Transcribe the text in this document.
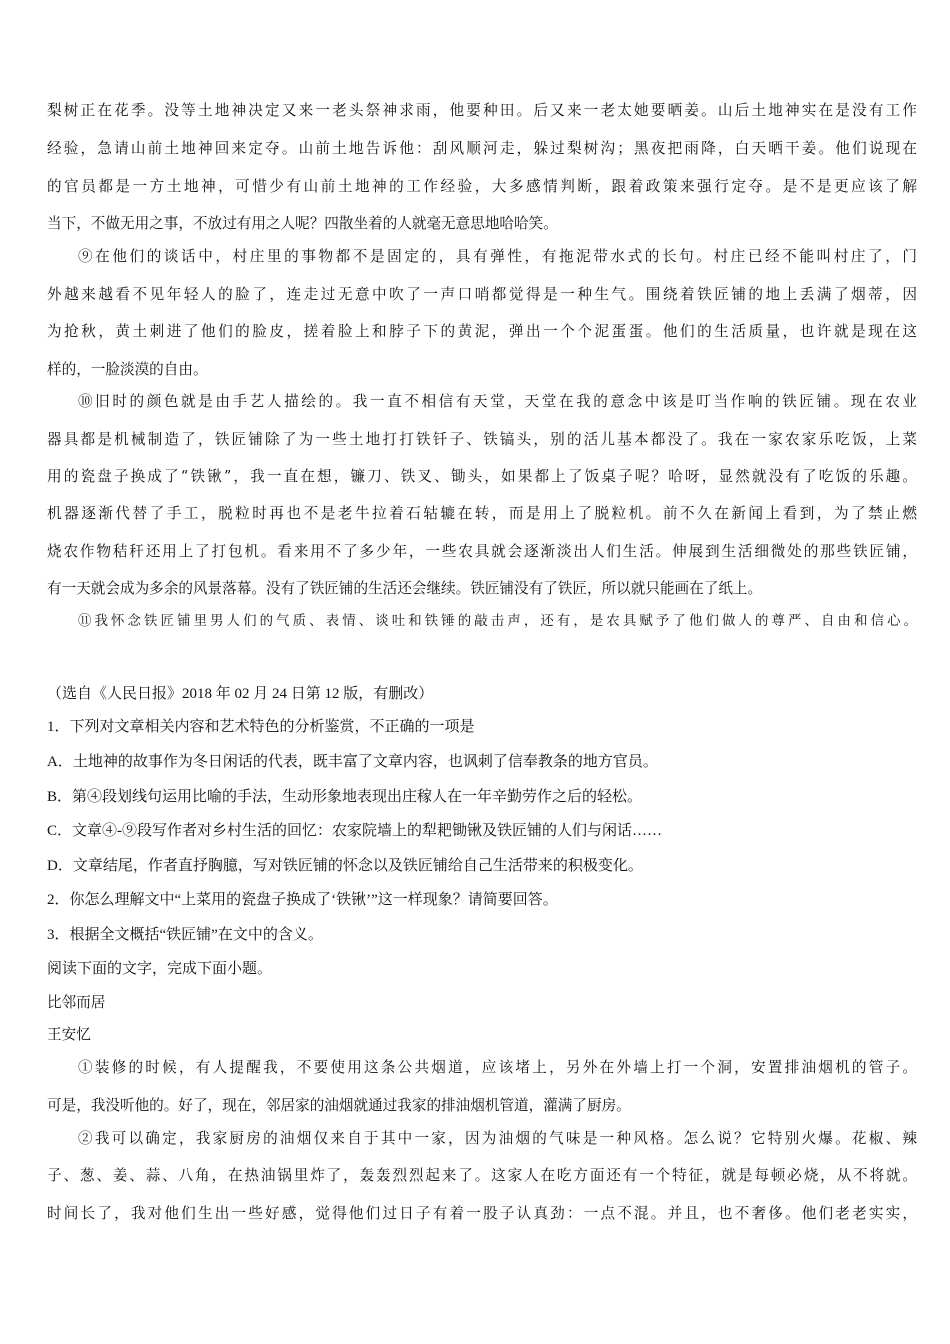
梨树正在花季。没等土地神决定又来一老头祭神求雨，他要种田。后又来一老太她要晒姜。山后土地神实在是没有工作
经验，急请山前土地神回来定夺。山前土地告诉他：刮风顺河走，躲过梨树沟；黑夜把雨降，白天晒干姜。他们说现在
的官员都是一方土地神，可惜少有山前土地神的工作经验，大多感情判断，跟着政策来强行定夺。是不是更应该了解
当下，不做无用之事，不放过有用之人呢？四散坐着的人就毫无意思地哈哈笑。
⑨在他们的谈话中，村庄里的事物都不是固定的，具有弹性，有拖泥带水式的长句。村庄已经不能叫村庄了，门
外越来越看不见年轻人的脸了，连走过无意中吹了一声口哨都觉得是一种生气。围绕着铁匠铺的地上丢满了烟蒂，因
为抢秋，黄土刺进了他们的脸皮，搓着脸上和脖子下的黄泥，弹出一个个泥蛋蛋。他们的生活质量，也许就是现在这
样的，一脸淡漠的自由。
⑩旧时的颜色就是由手艺人描绘的。我一直不相信有天堂，天堂在我的意念中该是叮当作响的铁匠铺。现在农业
器具都是机械制造了，铁匠铺除了为一些土地打打铁钎子、铁镐头，别的活儿基本都没了。我在一家农家乐吃饭，上菜
用的瓷盘子换成了“铁锹”，我一直在想，镰刀、铁叉、锄头，如果都上了饭桌子呢？哈呀，显然就没有了吃饭的乐趣。
机器逐渐代替了手工，脱粒时再也不是老牛拉着石轱辘在转，而是用上了脱粒机。前不久在新闻上看到，为了禁止燃
烧农作物秸秆还用上了打包机。看来用不了多少年，一些农具就会逐渐淡出人们生活。伸展到生活细微处的那些铁匠铺，
有一天就会成为多余的风景落幕。没有了铁匠铺的生活还会继续。铁匠铺没有了铁匠，所以就只能画在了纸上。
⑪我怀念铁匠铺里男人们的气质、表情、谈吐和铁锤的敲击声，还有，是农具赋予了他们做人的尊严、自由和信心。
（选自《人民日报》2018 年 02 月 24 日第 12 版，有删改）
1．下列对文章相关内容和艺术特色的分析鉴赏，不正确的一项是
A．土地神的故事作为冬日闲话的代表，既丰富了文章内容，也讽刺了信奉教条的地方官员。
B．第④段划线句运用比喻的手法，生动形象地表现出庄稼人在一年辛勤劳作之后的轻松。
C．文章④-⑨段写作者对乡村生活的回忆：农家院墙上的犁耙锄锹及铁匠铺的人们与闲话……
D．文章结尾，作者直抒胸臆，写对铁匠铺的怀念以及铁匠铺给自己生活带来的积极变化。
2．你怎么理解文中“上菜用的瓷盘子换成了‘铁锹’”这一样现象？请简要回答。
3．根据全文概括“铁匠铺”在文中的含义。
阅读下面的文字，完成下面小题。
比邻而居
王安忆
①装修的时候，有人提醒我，不要使用这条公共烟道，应该堵上，另外在外墙上打一个洞，安置排油烟机的管子。
可是，我没听他的。好了，现在，邻居家的油烟就通过我家的排油烟机管道，灌满了厨房。
②我可以确定，我家厨房的油烟仅来自于其中一家，因为油烟的气味是一种风格。怎么说？它特别火爆。花椒、辣
子、葱、姜、蒜、八角，在热油锅里炸了，轰轰烈烈起来了。这家人在吃方面还有一个特征，就是每顿必烧，从不将就。
时间长了，我对他们生出一些好感，觉得他们过日子有着一股子认真劲：一点不混。并且，也不奢侈。他们老老实实，
